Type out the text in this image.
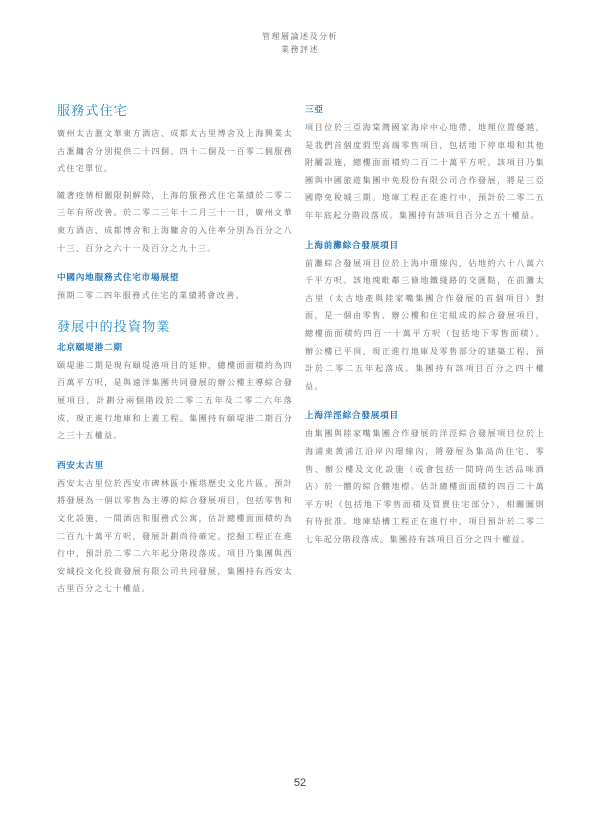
管理層論述及分析
業務評述
服務式住宅

廣州太古滙文華東方酒店、成都太古里博舍及上海興業太古滙鏞舍分別提供二十四個、四十二個及一百零二個服務式住宅單位。

隨著疫情相關限制解除，上海的服務式住宅業績於二零二三年有所改善。於二零二三年十二月三十一日，廣州文華東方酒店、成都博舍和上海鏞舍的入住率分別為百分之八十三、百分之六十一及百分之九十三。

中國內地服務式住宅市場展望

預期二零二四年服務式住宅的業績將會改善。

發展中的投資物業
北京頤堤港二期

頤堤港二期是現有頤堤港項目的延伸，總樓面面積約為四百萬平方呎，是與遠洋集團共同發展的辦公樓主導綜合發展項目，計劃分兩個階段於二零二五年及二零二六年落成，現正進行地庫和上蓋工程。集團持有頤堤港二期百分之三十五權益。

西安太古里

西安太古里位於西安市碑林區小雁塔歷史文化片區，預計將發展為一個以零售為主導的綜合發展項目，包括零售和文化設施、一間酒店和服務式公寓，估計總樓面面積約為二百九十萬平方呎，發展計劃尚待確定。挖掘工程正在進行中，預計於二零二六年起分階段落成。項目乃集團與西安城投文化投資發展有限公司共同發展，集團持有西安太古里百分之七十權益。

三亞

項目位於三亞海棠灣國家海岸中心地帶，地理位置優越，是我們首個度假型高端零售項目，包括地下停車場和其他附屬設施，總樓面面積約二百二十萬平方呎。該項目乃集團與中國旅遊集團中免股份有限公司合作發展，將是三亞國際免稅城三期。地庫工程正在進行中，預計於二零二五年年底起分階段落成。集團持有該項目百分之五十權益。

上海前灘綜合發展項目

前灘綜合發展項目位於上海中環線內，佔地約六十八萬六千平方呎。該地塊毗鄰三條地鐵綫路的交匯點，在前灘太古里（太古地產與陸家嘴集團合作發展的首個項目）對面，是一個由零售、辦公樓和住宅組成的綜合發展項目，總樓面面積約四百一十萬平方呎（包括地下零售面積）。辦公樓已平頂，現正進行地庫及零售部分的建築工程，預計於二零二五年起落成。集團持有該項目百分之四十權益。

上海洋涇綜合發展項目

由集團與陸家嘴集團合作發展的洋涇綜合發展項目位於上海浦東黃浦江沿岸內環線內，將發展為集高尚住宅、零售、辦公樓及文化設施（或會包括一間時尚生活品味酒店）於一體的綜合體地標。估計總樓面面積約四百二十萬平方呎（包括地下零售面積及買賣住宅部分），相關圖則有待批准。地庫結構工程正在進行中，項目預計於二零二七年起分階段落成。集團持有該項目百分之四十權益。

52
